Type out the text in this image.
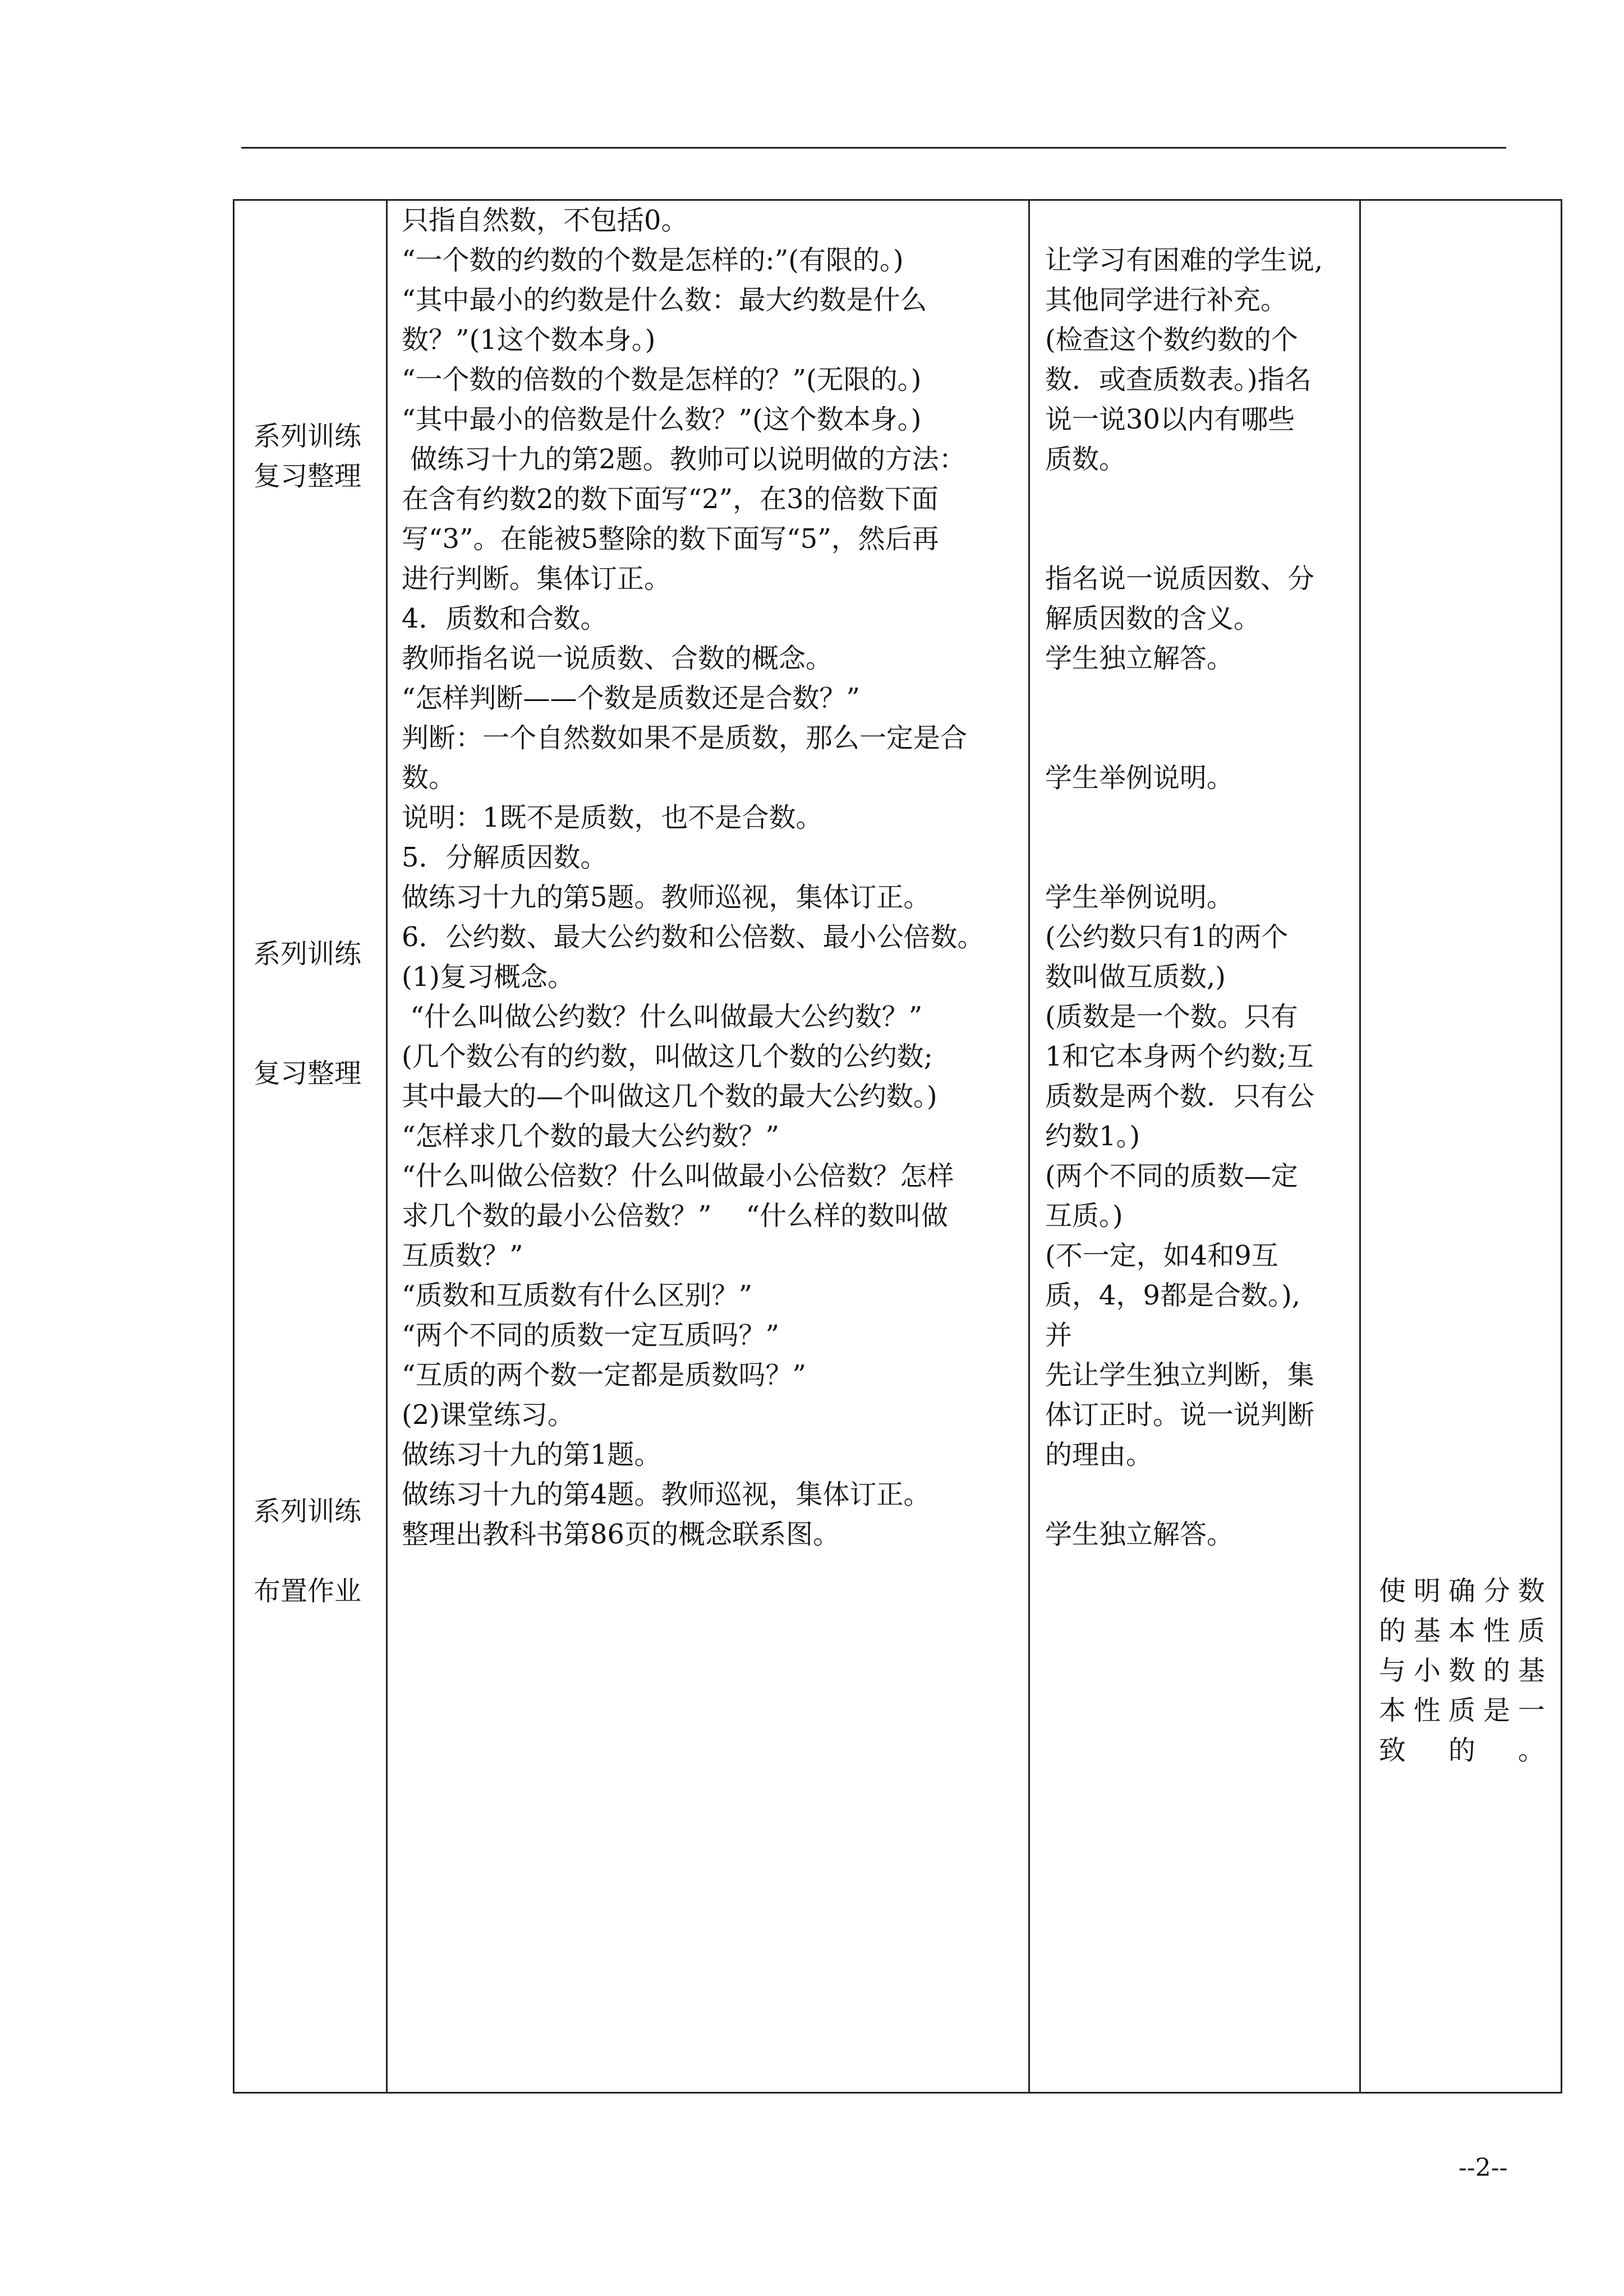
系列训练
复习整理
系列训练
复习整理
系列训练
布置作业
只指自然数，不包括0。
“一个数的约数的个数是怎样的:”(有限的。)
“其中最小的约数是什么数：最大约数是什么
数？”(1这个数本身。)
“一个数的倍数的个数是怎样的？”(无限的。)
“其中最小的倍数是什么数？”(这个数本身。)
做练习十九的第2题。教帅可以说明做的方法：
在含有约数2的数下面写“2”，在3的倍数下面
写“3”。在能被5整除的数下面写“5”，然后再
进行判断。集体订正。
4．质数和合数。
教师指名说一说质数、合数的概念。
“怎样判断——个数是质数还是合数？”
判断：一个自然数如果不是质数，那么一定是合
数。
说明：1既不是质数，也不是合数。
5．分解质因数。
做练习十九的第5题。教师巡视，集体订正。
6．公约数、最大公约数和公倍数、最小公倍数。
(1)复习概念。
“什么叫做公约数？什么叫做最大公约数？”
(几个数公有的约数，叫做这几个数的公约数;
其中最大的—个叫做这几个数的最大公约数。)
“怎样求几个数的最大公约数？”
“什么叫做公倍数？什么叫做最小公倍数？怎样
求几个数的最小公倍数？”    “什么样的数叫做
互质数？”
“质数和互质数有什么区别？”
“两个不同的质数一定互质吗？”
“互质的两个数一定都是质数吗？”
(2)课堂练习。
做练习十九的第1题。
做练习十九的第4题。教师巡视，集体订正。
整理出教科书第86页的概念联系图。
让学习有困难的学生说,
其他同学进行补充。
(检查这个数约数的个
数．或查质数表。)指名
说一说30以内有哪些
质数。
指名说一说质因数、分
解质因数的含义。
学生独立解答。
学生举例说明。
学生举例说明。
(公约数只有1的两个
数叫做互质数,)
(质数是一个数。只有
1和它本身两个约数;互
质数是两个数．只有公
约数1。)
(两个不同的质数—定
互质。)
(不一定，如4和9互
质，4，9都是合数。),
并
先让学生独立判断，集
体订正时。说一说判断
的理由。
学生独立解答。
使明确分数
的基本性质
与小数的基
本性质是一
致的。
--2--
